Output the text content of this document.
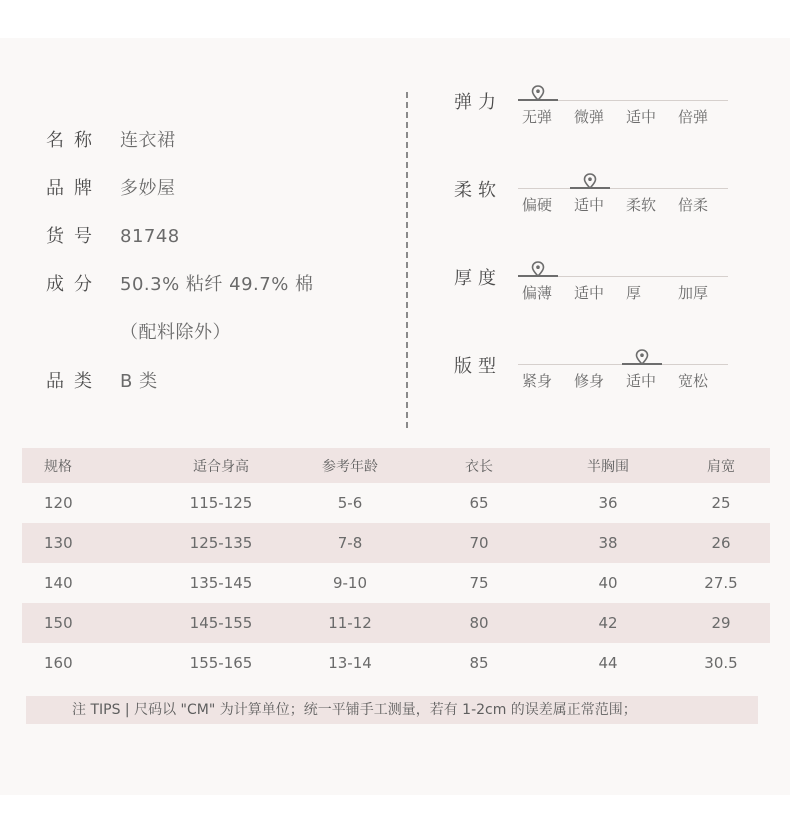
名称 连衣裙
品牌 多妙屋
货号 81748
成分 50.3% 粘纤 49.7% 棉
（配料除外）
品类 B 类
弹力
无弹	微弹	适中	倍弹
柔软
偏硬	适中	柔软	倍柔
厚度
偏薄	适中	厚	加厚
版型
紧身	修身	适中	宽松
规格	适合身高	参考年龄	衣长	半胸围	肩宽
120	115-125	5-6	65	36	25
130	125-135	7-8	70	38	26
140	135-145	9-10	75	40	27.5
150	145-155	11-12	80	42	29
160	155-165	13-14	85	44	30.5
注 TIPS | 尺码以 "CM" 为计算单位；统一平铺手工测量，若有 1-2cm 的误差属正常范围；
